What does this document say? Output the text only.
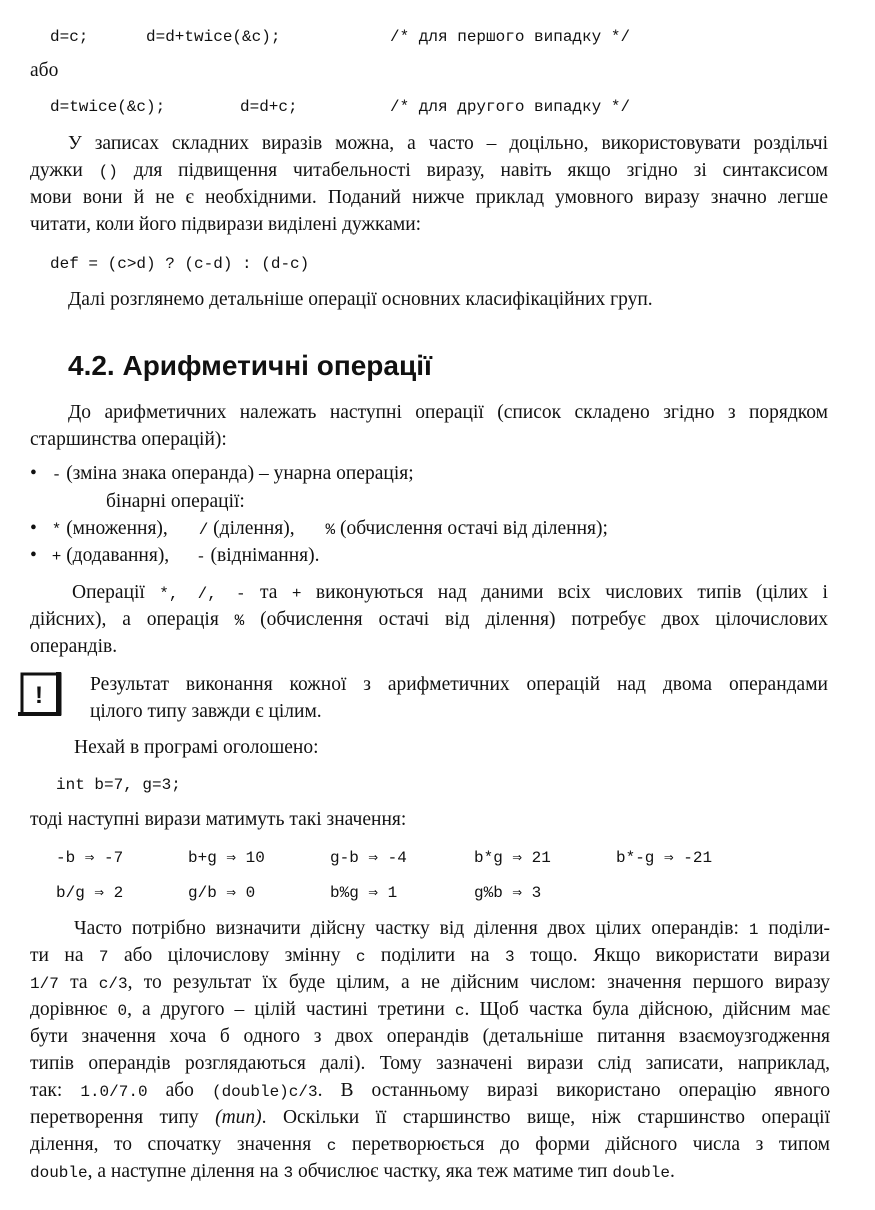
d=c;	d=d+twice(&c);	/* для першого випадку */
або
d=twice(&c);	d=d+c;	/* для другого випадку */
У записах складних виразів можна, а часто – доцільно, використовувати роздільчі
дужки () для підвищення читабельності виразу, навіть якщо згідно зі синтаксисом
мови вони й не є необхідними. Поданий нижче приклад умовного виразу значно легше
читати, коли його підвирази виділені дужками:
def = (c>d) ? (c-d) : (d-c)
Далі розглянемо детальніше операції основних класифікаційних груп.
4.2. Арифметичні операції
До арифметичних належать наступні операції (список складено згідно з порядком
старшинства операцій):
• - (зміна знака операнда) – унарна операція;
бінарні операції:
• * (множення), / (ділення), % (обчислення остачі від ділення);
• + (додавання), - (віднімання).
Операції *, /, - та + виконуються над даними всіх числових типів (цілих і
дійсних), а операція % (обчислення остачі від ділення) потребує двох цілочислових
операндів.
! Результат виконання кожної з арифметичних операцій над двома операндами
цілого типу завжди є цілим.
Нехай в програмі оголошено:
int b=7, g=3;
тоді наступні вирази матимуть такі значення:
-b ⇒ -7	b+g ⇒ 10	g-b ⇒ -4	b*g ⇒ 21	b*-g ⇒ -21
b/g ⇒ 2	g/b ⇒ 0	b%g ⇒ 1	g%b ⇒ 3
Часто потрібно визначити дійсну частку від ділення двох цілих операндів: 1 поділи-
ти на 7 або цілочислову змінну c поділити на 3 тощо. Якщо використати вирази
1/7 та c/3, то результат їх буде цілим, а не дійсним числом: значення першого виразу
дорівнює 0, а другого – цілій частині третини c. Щоб частка була дійсною, дійсним має
бути значення хоча б одного з двох операндів (детальніше питання взаємоузгодження
типів операндів розглядаються далі). Тому зазначені вирази слід записати, наприклад,
так: 1.0/7.0 або (double)c/3. В останньому виразі використано операцію явного
перетворення типу (тип). Оскільки її старшинство вище, ніж старшинство операції
ділення, то спочатку значення c перетворюється до форми дійсного числа з типом
double, а наступне ділення на 3 обчислює частку, яка теж матиме тип double.
